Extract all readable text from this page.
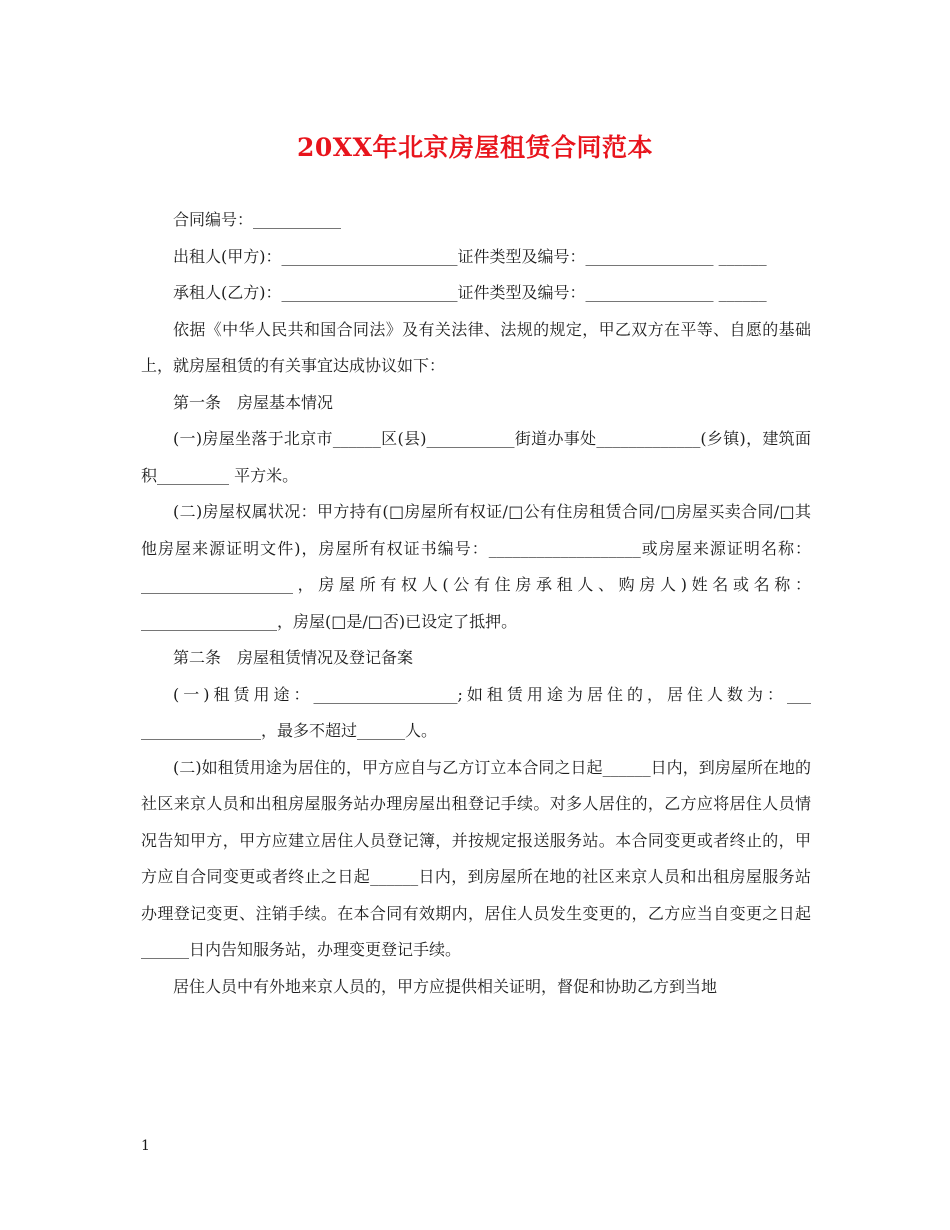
20XX年北京房屋租赁合同范本

合同编号：___________

出租人(甲方)：______________________证件类型及编号：________________ ______

承租人(乙方)：______________________证件类型及编号：________________ ______

依据《中华人民共和国合同法》及有关法律、法规的规定，甲乙双方在平等、自愿的基础上，就房屋租赁的有关事宜达成协议如下：

第一条　房屋基本情况

(一)房屋坐落于北京市______区(县)___________街道办事处_____________(乡镇)，建筑面积_________ 平方米。

(二)房屋权属状况：甲方持有(□房屋所有权证/□公有住房租赁合同/□房屋买卖合同/□其他房屋来源证明文件)，房屋所有权证书编号：___________________或房屋来源证明名称：___________________，房屋所有权人(公有住房承租人、购房人)姓名或名称：_________________，房屋(□是/□否)已设定了抵押。

第二条　房屋租赁情况及登记备案

(一)租赁用途：__________________;如租赁用途为居住的，居住人数为：___ _______________，最多不超过______人。

(二)如租赁用途为居住的，甲方应自与乙方订立本合同之日起______日内，到房屋所在地的社区来京人员和出租房屋服务站办理房屋出租登记手续。对多人居住的，乙方应将居住人员情况告知甲方，甲方应建立居住人员登记簿，并按规定报送服务站。本合同变更或者终止的，甲方应自合同变更或者终止之日起______日内，到房屋所在地的社区来京人员和出租房屋服务站办理登记变更、注销手续。在本合同有效期内，居住人员发生变更的，乙方应当自变更之日起______日内告知服务站，办理变更登记手续。

居住人员中有外地来京人员的，甲方应提供相关证明，督促和协助乙方到当地

1
